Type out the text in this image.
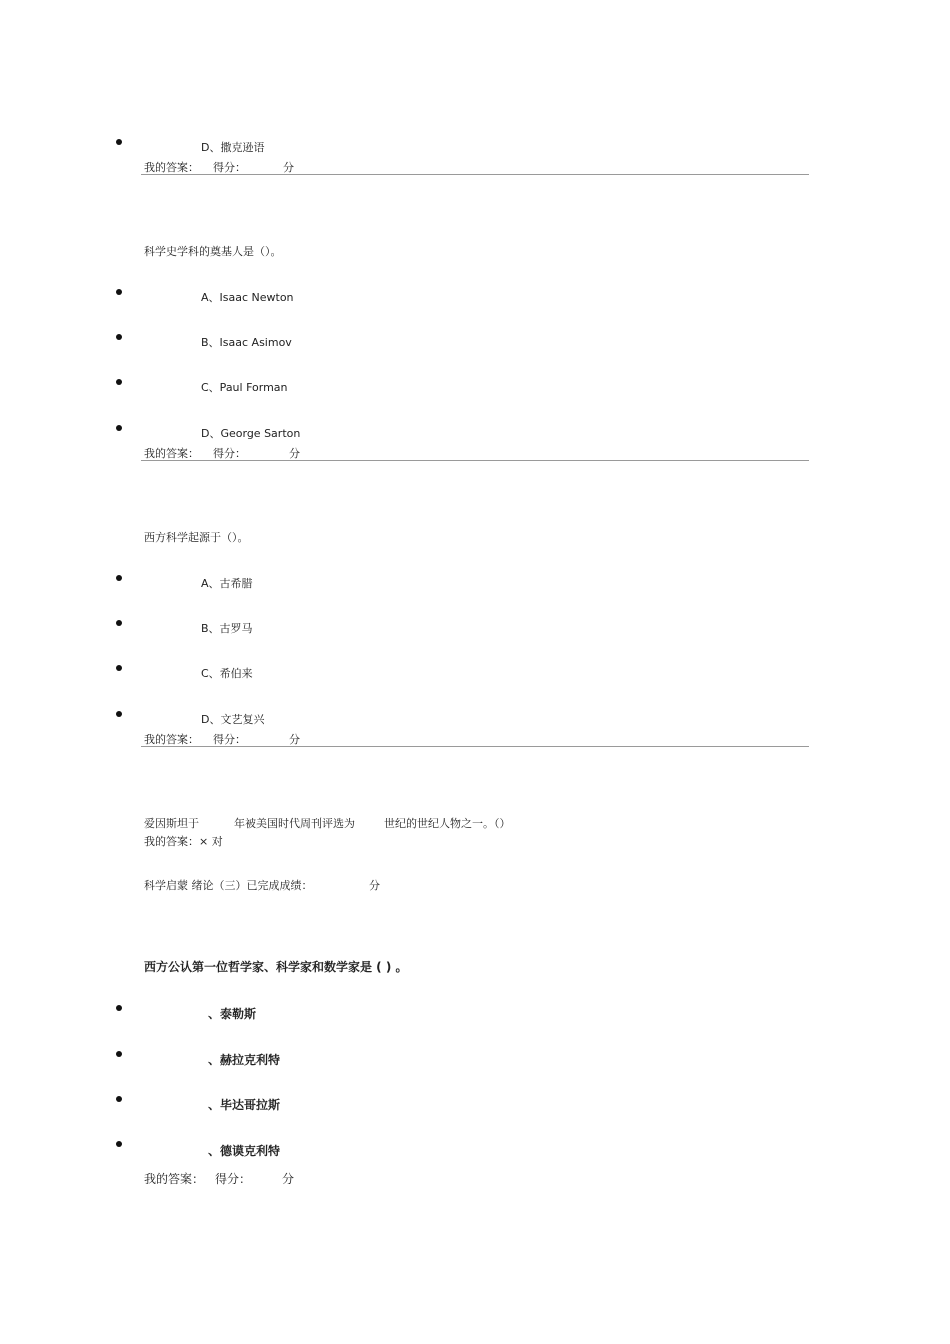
D、撒克逊语
我的答案： 得分：	分
科学史学科的奠基人是（）。
A、Isaac Newton
B、Isaac Asimov
C、Paul Forman
D、George Sarton
我的答案： 得分：	分
西方科学起源于（）。
A、古希腊
B、古罗马
C、希伯来
D、文艺复兴
我的答案： 得分：	分
爱因斯坦于	年被美国时代周刊评选为	世纪的世纪人物之一。（）
我的答案：× 对
科学启蒙 绪论（三）已完成成绩：	分
西方公认第一位哲学家、科学家和数学家是 ( ) 。
、泰勒斯
、赫拉克利特
、毕达哥拉斯
、德谟克利特
我的答案： 得分：	分
